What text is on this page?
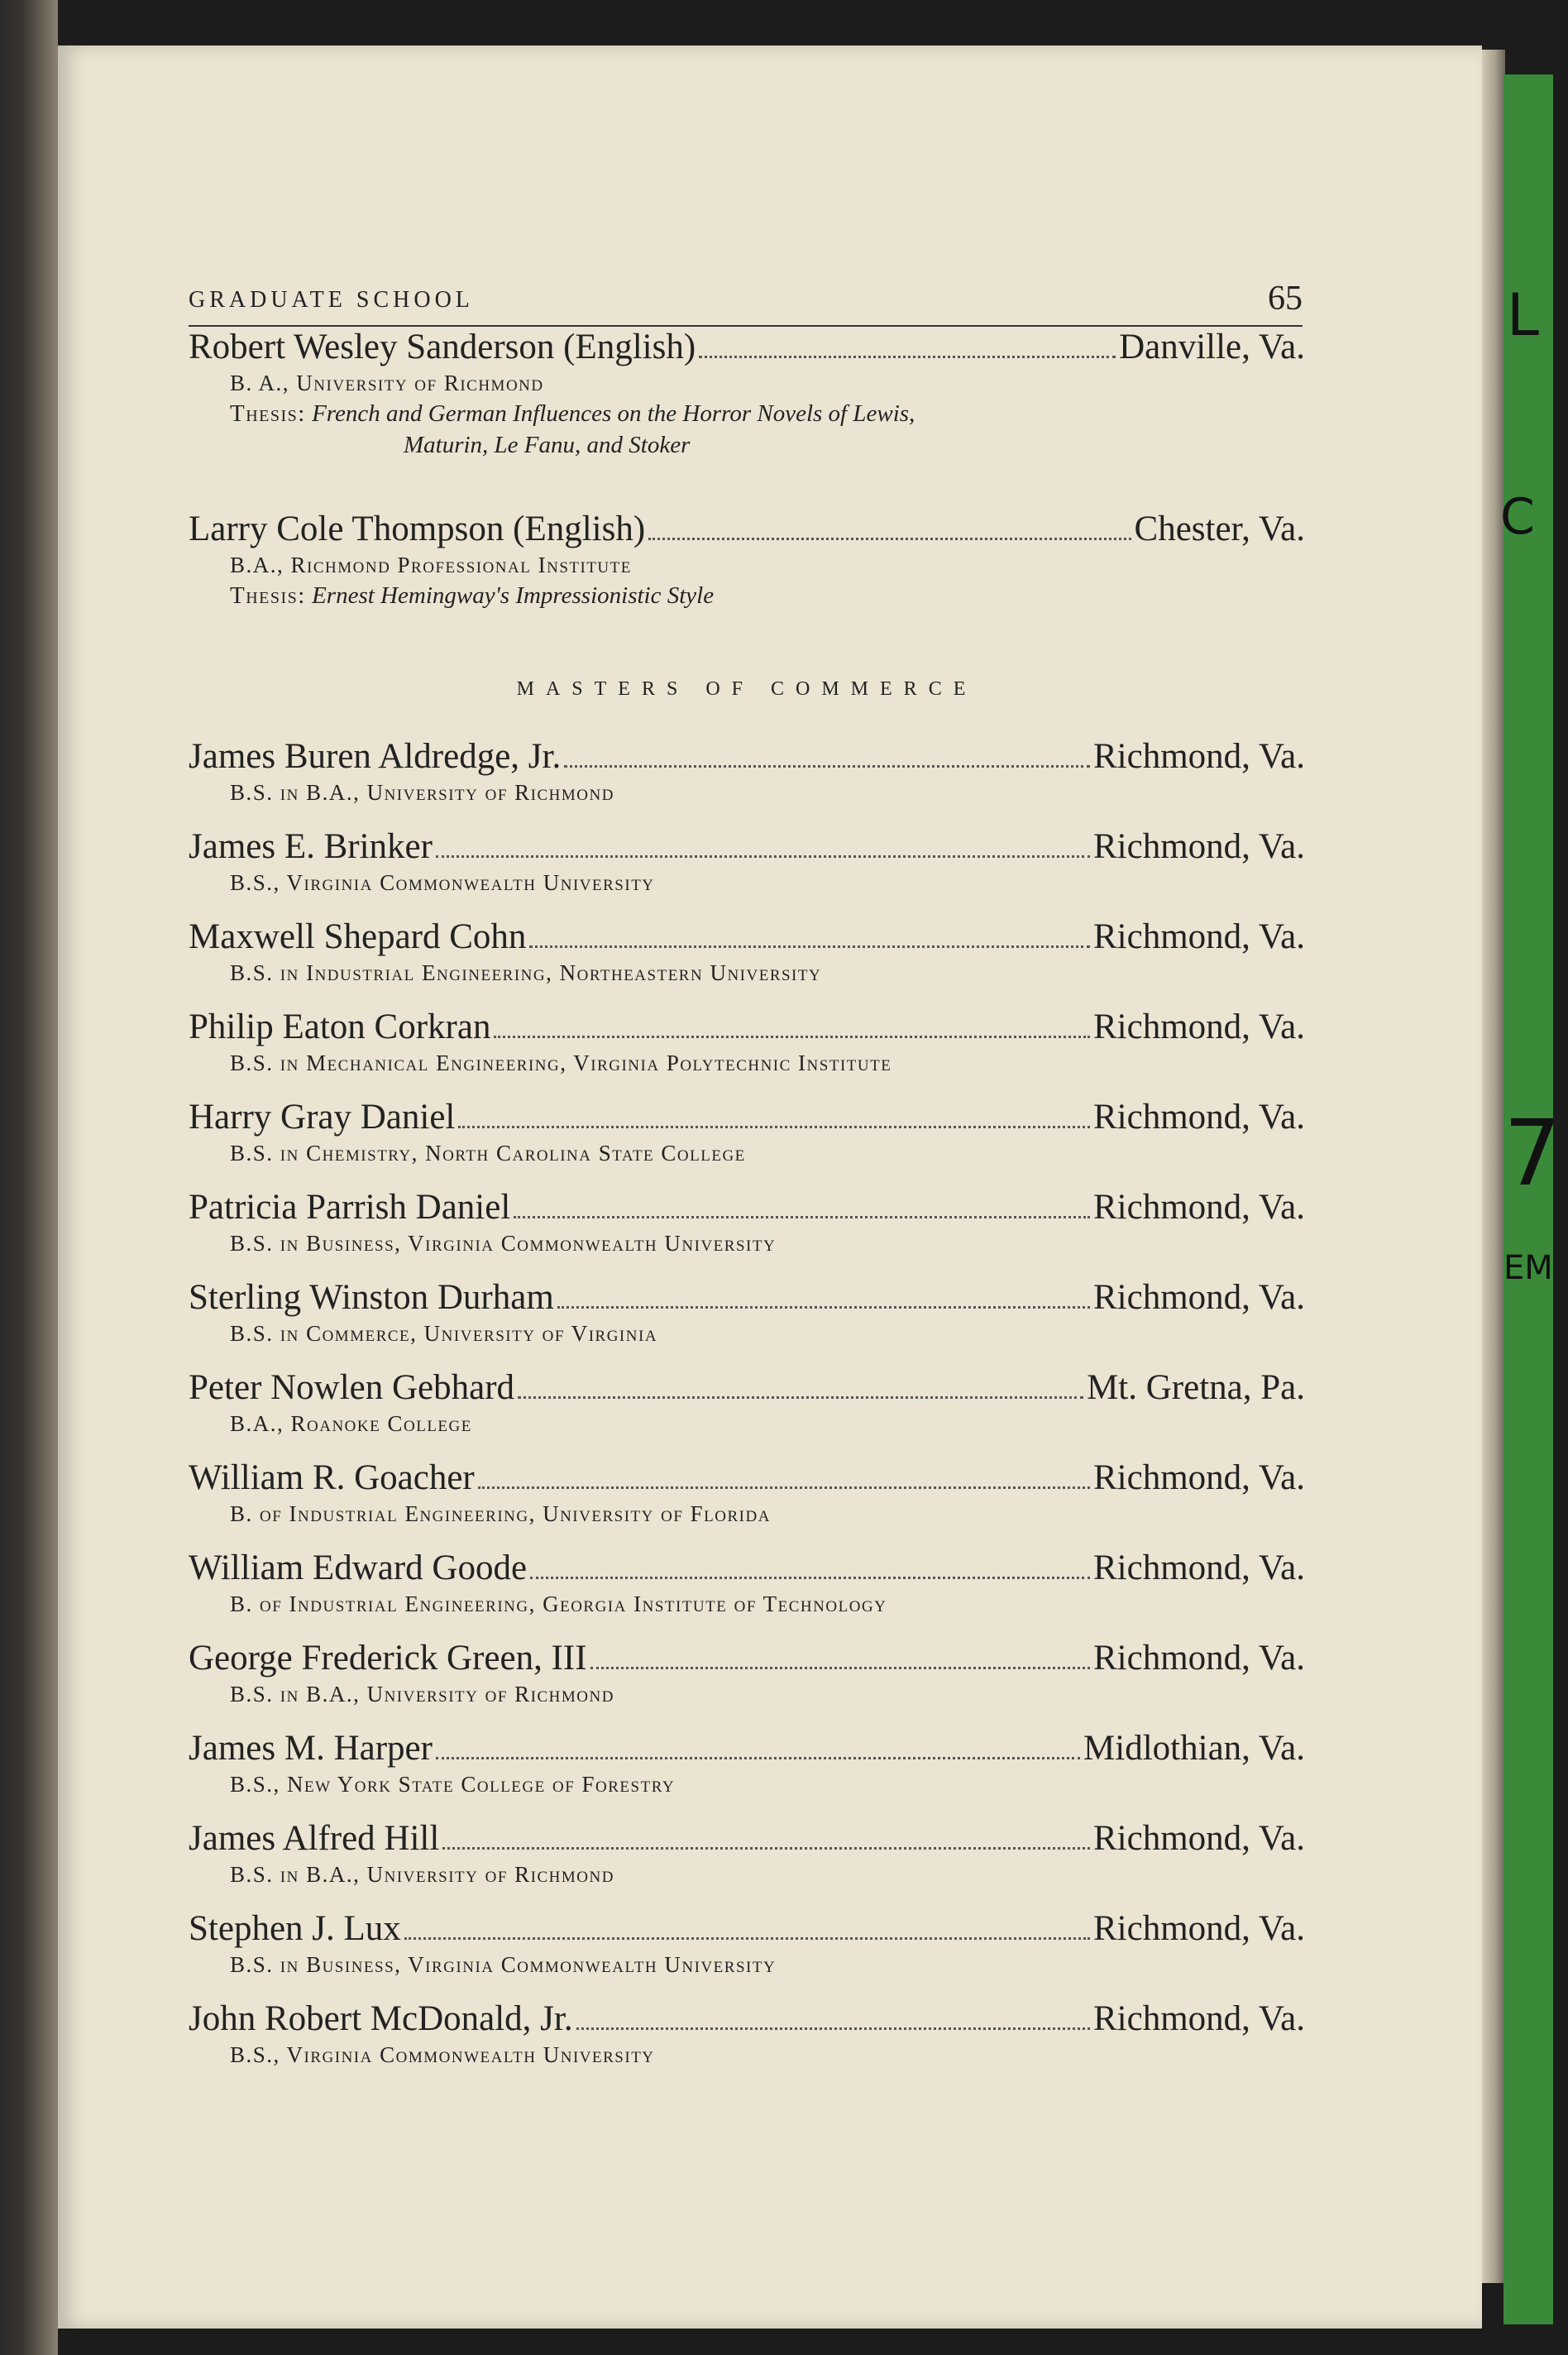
L
C
7
EM
GRADUATE SCHOOL	65
Robert Wesley Sanderson (English)	Danville, Va.
B. A., University of Richmond
Thesis: French and German Influences on the Horror Novels of Lewis,
Maturin, Le Fanu, and Stoker
Larry Cole Thompson (English)	Chester, Va.
B.A., Richmond Professional Institute
Thesis: Ernest Hemingway's Impressionistic Style
MASTERS OF COMMERCE
James Buren Aldredge, Jr.	Richmond, Va.
B.S. in B.A., University of Richmond
James E. Brinker	Richmond, Va.
B.S., Virginia Commonwealth University
Maxwell Shepard Cohn	Richmond, Va.
B.S. in Industrial Engineering, Northeastern University
Philip Eaton Corkran	Richmond, Va.
B.S. in Mechanical Engineering, Virginia Polytechnic Institute
Harry Gray Daniel	Richmond, Va.
B.S. in Chemistry, North Carolina State College
Patricia Parrish Daniel	Richmond, Va.
B.S. in Business, Virginia Commonwealth University
Sterling Winston Durham	Richmond, Va.
B.S. in Commerce, University of Virginia
Peter Nowlen Gebhard	Mt. Gretna, Pa.
B.A., Roanoke College
William R. Goacher	Richmond, Va.
B. of Industrial Engineering, University of Florida
William Edward Goode	Richmond, Va.
B. of Industrial Engineering, Georgia Institute of Technology
George Frederick Green, III	Richmond, Va.
B.S. in B.A., University of Richmond
James M. Harper	Midlothian, Va.
B.S., New York State College of Forestry
James Alfred Hill	Richmond, Va.
B.S. in B.A., University of Richmond
Stephen J. Lux	Richmond, Va.
B.S. in Business, Virginia Commonwealth University
John Robert McDonald, Jr.	Richmond, Va.
B.S., Virginia Commonwealth University
